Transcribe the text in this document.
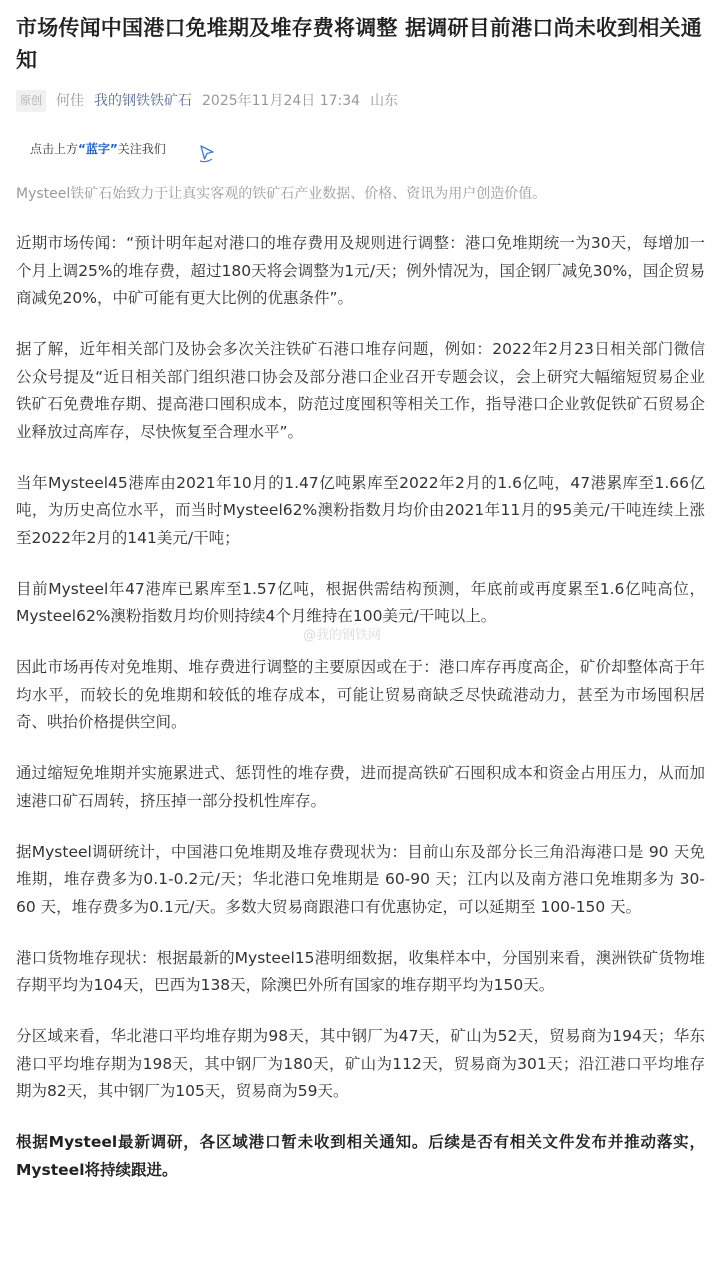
市场传闻中国港口免堆期及堆存费将调整 据调研目前港口尚未收到相关通知
原创 何佳 我的钢铁铁矿石 2025年11月24日 17:34 山东
点击上方“蓝字”关注我们

Mysteel铁矿石始致力于让真实客观的铁矿石产业数据、价格、资讯为用户创造价值。

近期市场传闻：“预计明年起对港口的堆存费用及规则进行调整：港口免堆期统一为30天，每增加一个月上调25%的堆存费，超过180天将会调整为1元/天；例外情况为，国企钢厂减免30%，国企贸易商减免20%，中矿可能有更大比例的优惠条件”。

据了解，近年相关部门及协会多次关注铁矿石港口堆存问题，例如：2022年2月23日相关部门微信公众号提及“近日相关部门组织港口协会及部分港口企业召开专题会议，会上研究大幅缩短贸易企业铁矿石免费堆存期、提高港口囤积成本，防范过度囤积等相关工作，指导港口企业敦促铁矿石贸易企业释放过高库存，尽快恢复至合理水平”。

当年Mysteel45港库由2021年10月的1.47亿吨累库至2022年2月的1.6亿吨，47港累库至1.66亿吨，为历史高位水平，而当时Mysteel62%澳粉指数月均价由2021年11月的95美元/干吨连续上涨至2022年2月的141美元/干吨；

目前Mysteel年47港库已累库至1.57亿吨，根据供需结构预测，年底前或再度累至1.6亿吨高位，Mysteel62%澳粉指数月均价则持续4个月维持在100美元/干吨以上。

因此市场再传对免堆期、堆存费进行调整的主要原因或在于：港口库存再度高企，矿价却整体高于年均水平，而较长的免堆期和较低的堆存成本，可能让贸易商缺乏尽快疏港动力，甚至为市场囤积居奇、哄抬价格提供空间。

通过缩短免堆期并实施累进式、惩罚性的堆存费，进而提高铁矿石囤积成本和资金占用压力，从而加速港口矿石周转，挤压掉一部分投机性库存。

据Mysteel调研统计，中国港口免堆期及堆存费现状为：目前山东及部分长三角沿海港口是 90 天免堆期，堆存费多为0.1-0.2元/天；华北港口免堆期是 60-90 天；江内以及南方港口免堆期多为 30-60 天，堆存费多为0.1元/天。多数大贸易商跟港口有优惠协定，可以延期至 100-150 天。

港口货物堆存现状：根据最新的Mysteel15港明细数据，收集样本中，分国别来看，澳洲铁矿货物堆存期平均为104天，巴西为138天，除澳巴外所有国家的堆存期平均为150天。

分区域来看，华北港口平均堆存期为98天，其中钢厂为47天，矿山为52天，贸易商为194天；华东港口平均堆存期为198天，其中钢厂为180天，矿山为112天，贸易商为301天；沿江港口平均堆存期为82天，其中钢厂为105天，贸易商为59天。

根据Mysteel最新调研，各区域港口暂未收到相关通知。后续是否有相关文件发布并推动落实，Mysteel将持续跟进。

@我的钢铁网
